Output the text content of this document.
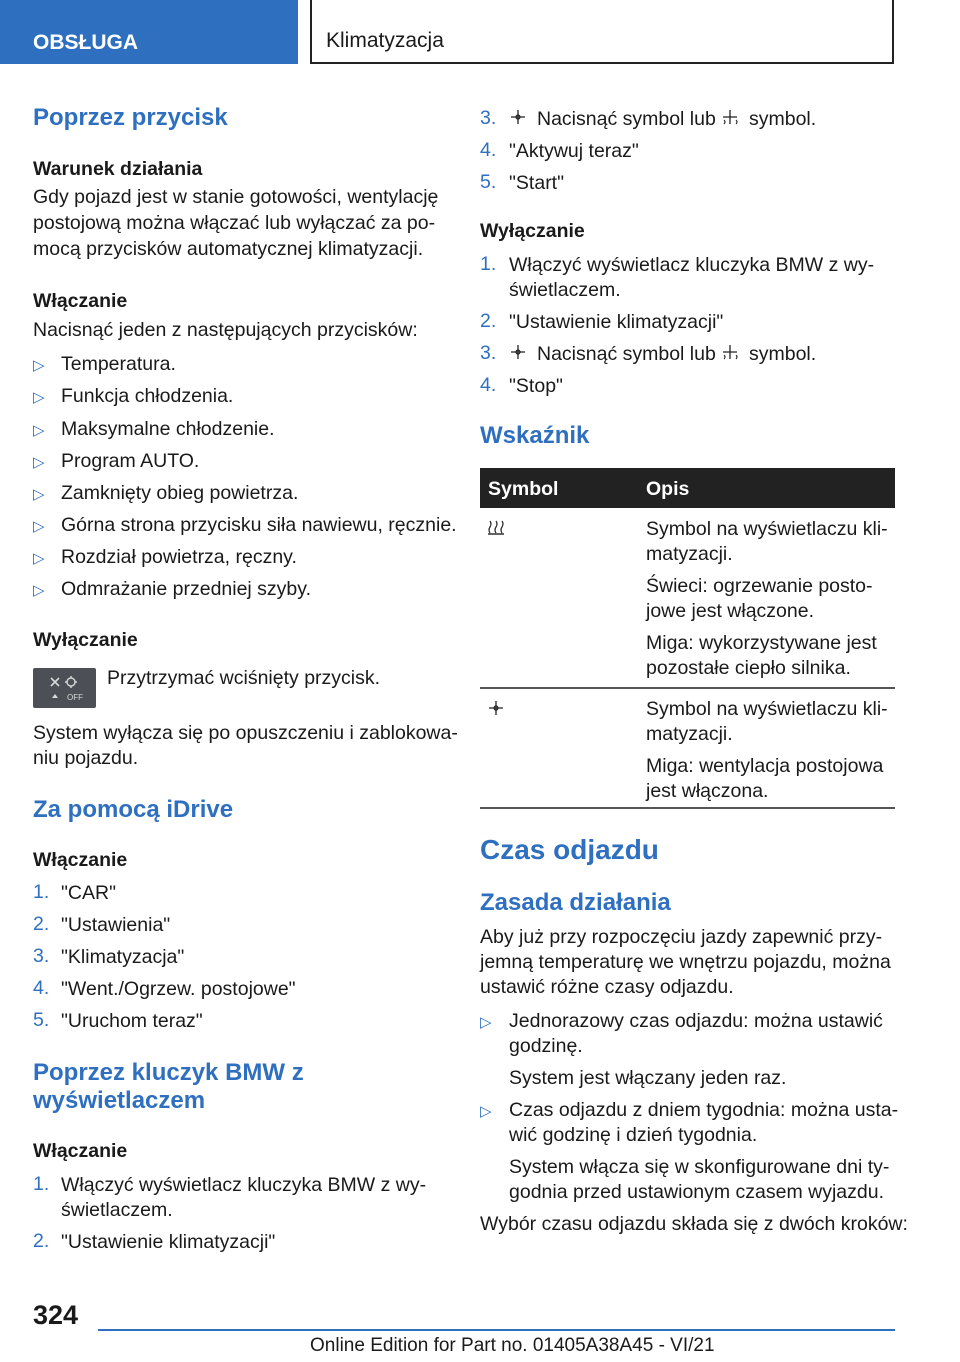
OBSŁUGA	Klimatyzacja
Poprzez przycisk
Warunek działania
Gdy pojazd jest w stanie gotowości, wentylację
postojową można włączać lub wyłączać za po-
mocą przycisków automatycznej klimatyzacji.
Włączanie
Nacisnąć jeden z następujących przycisków:
▷ Temperatura.
▷ Funkcja chłodzenia.
▷ Maksymalne chłodzenie.
▷ Program AUTO.
▷ Zamknięty obieg powietrza.
▷ Górna strona przycisku siła nawiewu, ręcznie.
▷ Rozdział powietrza, ręczny.
▷ Odmrażanie przedniej szyby.
Wyłączanie
OFF
Przytrzymać wciśnięty przycisk.
System wyłącza się po opuszczeniu i zablokowa-
niu pojazdu.
Za pomocą iDrive
Włączanie
1. "CAR"
2. "Ustawienia"
3. "Klimatyzacja"
4. "Went./Ogrzew. postojowe"
5. "Uruchom teraz"
Poprzez kluczyk BMW z
wyświetlaczem
Włączanie
1. Włączyć wyświetlacz kluczyka BMW z wy-
świetlaczem.
2. "Ustawienie klimatyzacji"
3. Nacisnąć symbol lub symbol.
4. "Aktywuj teraz"
5. "Start"
Wyłączanie
1. Włączyć wyświetlacz kluczyka BMW z wy-
świetlaczem.
2. "Ustawienie klimatyzacji"
3. Nacisnąć symbol lub symbol.
4. "Stop"
Wskaźnik
Symbol	Opis
Symbol na wyświetlaczu kli-
matyzacji.
Świeci: ogrzewanie posto-
jowe jest włączone.
Miga: wykorzystywane jest
pozostałe ciepło silnika.
Symbol na wyświetlaczu kli-
matyzacji.
Miga: wentylacja postojowa
jest włączona.
Czas odjazdu
Zasada działania
Aby już przy rozpoczęciu jazdy zapewnić przy-
jemną temperaturę we wnętrzu pojazdu, można
ustawić różne czasy odjazdu.
▷ Jednorazowy czas odjazdu: można ustawić
godzinę.
System jest włączany jeden raz.
▷ Czas odjazdu z dniem tygodnia: można usta-
wić godzinę i dzień tygodnia.
System włącza się w skonfigurowane dni ty-
godnia przed ustawionym czasem wyjazdu.
Wybór czasu odjazdu składa się z dwóch kroków:
324
Online Edition for Part no. 01405A38A45 - VI/21
